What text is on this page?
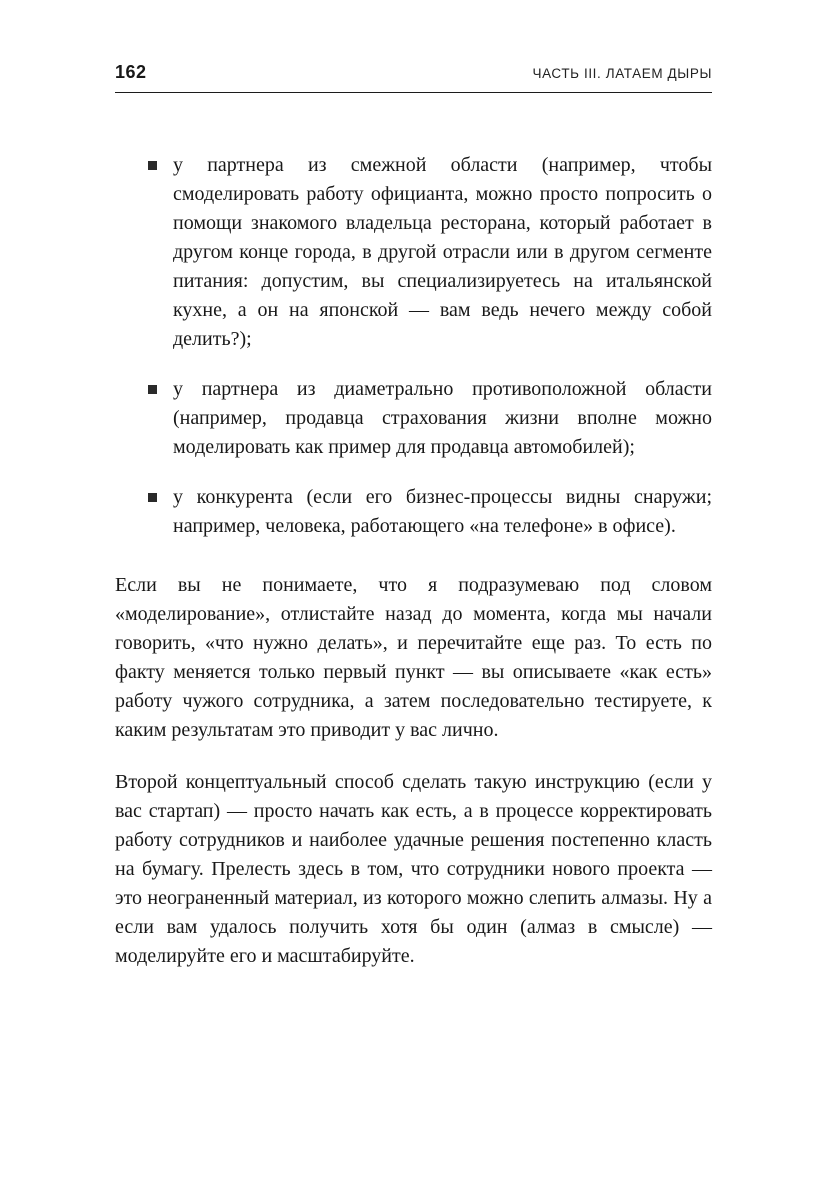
162	ЧАСТЬ III. ЛАТАЕМ ДЫРЫ
у партнера из смежной области (например, чтобы смоделировать работу официанта, можно просто попросить о помощи знакомого владельца ресторана, который работает в другом конце города, в другой отрасли или в другом сегменте питания: допустим, вы специализируетесь на итальянской кухне, а он на японской — вам ведь нечего между собой делить?);
у партнера из диаметрально противоположной области (например, продавца страхования жизни вполне можно моделировать как пример для продавца автомобилей);
у конкурента (если его бизнес-процессы видны снаружи; например, человека, работающего «на телефоне» в офисе).

Если вы не понимаете, что я подразумеваю под словом «моделирование», отлистайте назад до момента, когда мы начали говорить, «что нужно делать», и перечитайте еще раз. То есть по факту меняется только первый пункт — вы описываете «как есть» работу чужого сотрудника, а затем последовательно тестируете, к каким результатам это приводит у вас лично.

Второй концептуальный способ сделать такую инструкцию (если у вас стартап) — просто начать как есть, а в процессе корректировать работу сотрудников и наиболее удачные решения постепенно класть на бумагу. Прелесть здесь в том, что сотрудники нового проекта — это неограненный материал, из которого можно слепить алмазы. Ну а если вам удалось получить хотя бы один (алмаз в смысле) — моделируйте его и масштабируйте.
